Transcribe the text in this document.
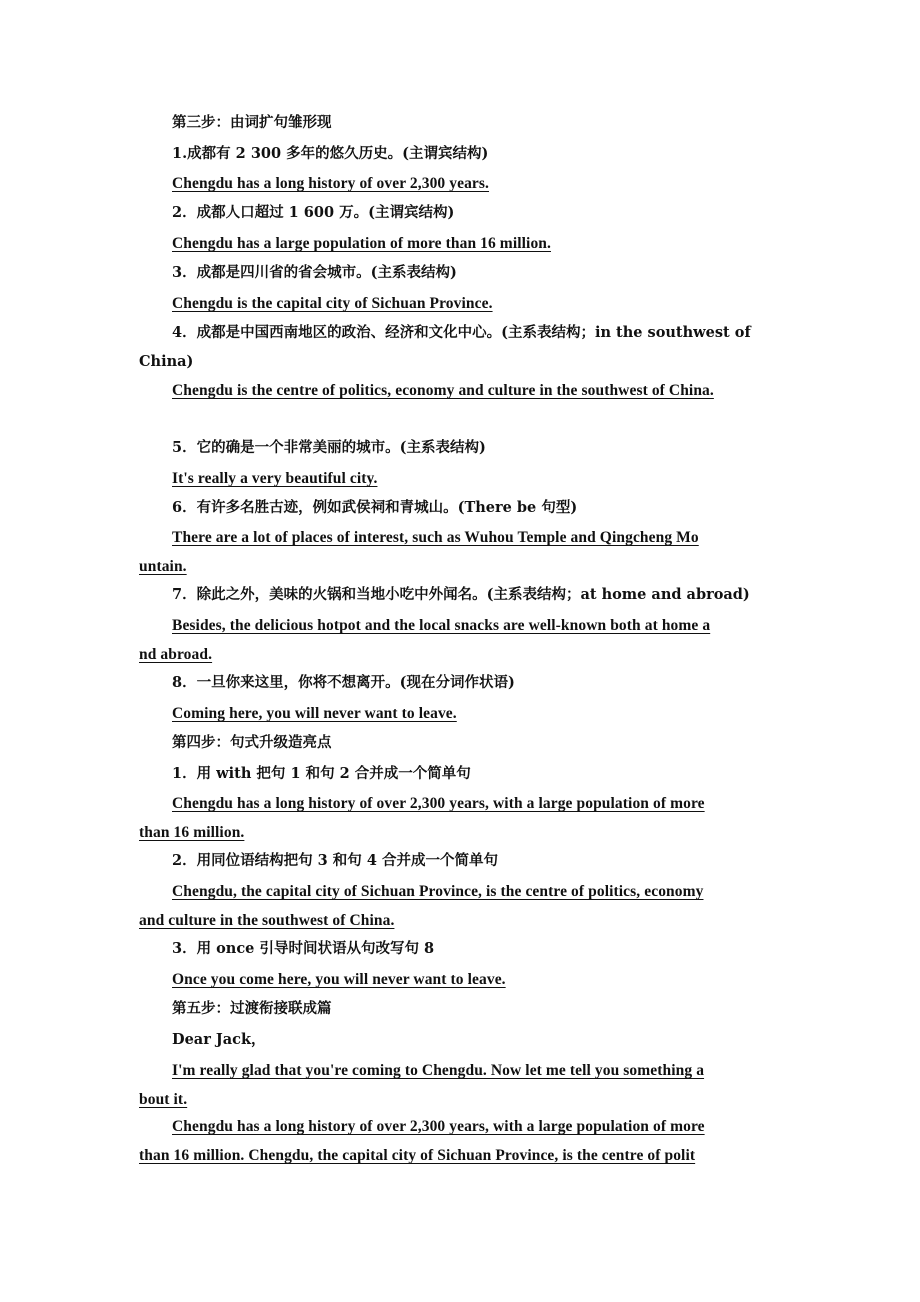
第三步：由词扩句雏形现
1.成都有 2 300 多年的悠久历史。(主谓宾结构)
Chengdu has a long history of over 2,300 years.
2．成都人口超过 1 600 万。(主谓宾结构)
Chengdu has a large population of more than 16 million.
3．成都是四川省的省会城市。(主系表结构)
Chengdu is the capital city of Sichuan Province.
4．成都是中国西南地区的政治、经济和文化中心。(主系表结构；in the southwest of
China)
Chengdu is the centre of politics, economy and culture in the southwest of China.
5．它的确是一个非常美丽的城市。(主系表结构)
It's really a very beautiful city.
6．有许多名胜古迹，例如武侯祠和青城山。(There be 句型)
There are a lot of places of interest, such as Wuhou Temple and Qingcheng Mo
untain.
7．除此之外，美味的火锅和当地小吃中外闻名。(主系表结构；at home and abroad)
Besides, the delicious hotpot and the local snacks are well-known both at home a
nd abroad.
8．一旦你来这里，你将不想离开。(现在分词作状语)
Coming here, you will never want to leave.
第四步：句式升级造亮点
1．用 with 把句 1 和句 2 合并成一个简单句
Chengdu has a long history of over 2,300 years, with a large population of more
than 16 million.
2．用同位语结构把句 3 和句 4 合并成一个简单句
Chengdu, the capital city of Sichuan Province, is the centre of politics, economy
and culture in the southwest of China.
3．用 once 引导时间状语从句改写句 8
Once you come here, you will never want to leave.
第五步：过渡衔接联成篇
Dear Jack，
I'm really glad that you're coming to Chengdu. Now let me tell you something a
bout it.
Chengdu has a long history of over 2,300 years, with a large population of more
than 16 million. Chengdu, the capital city of Sichuan Province, is the centre of polit
